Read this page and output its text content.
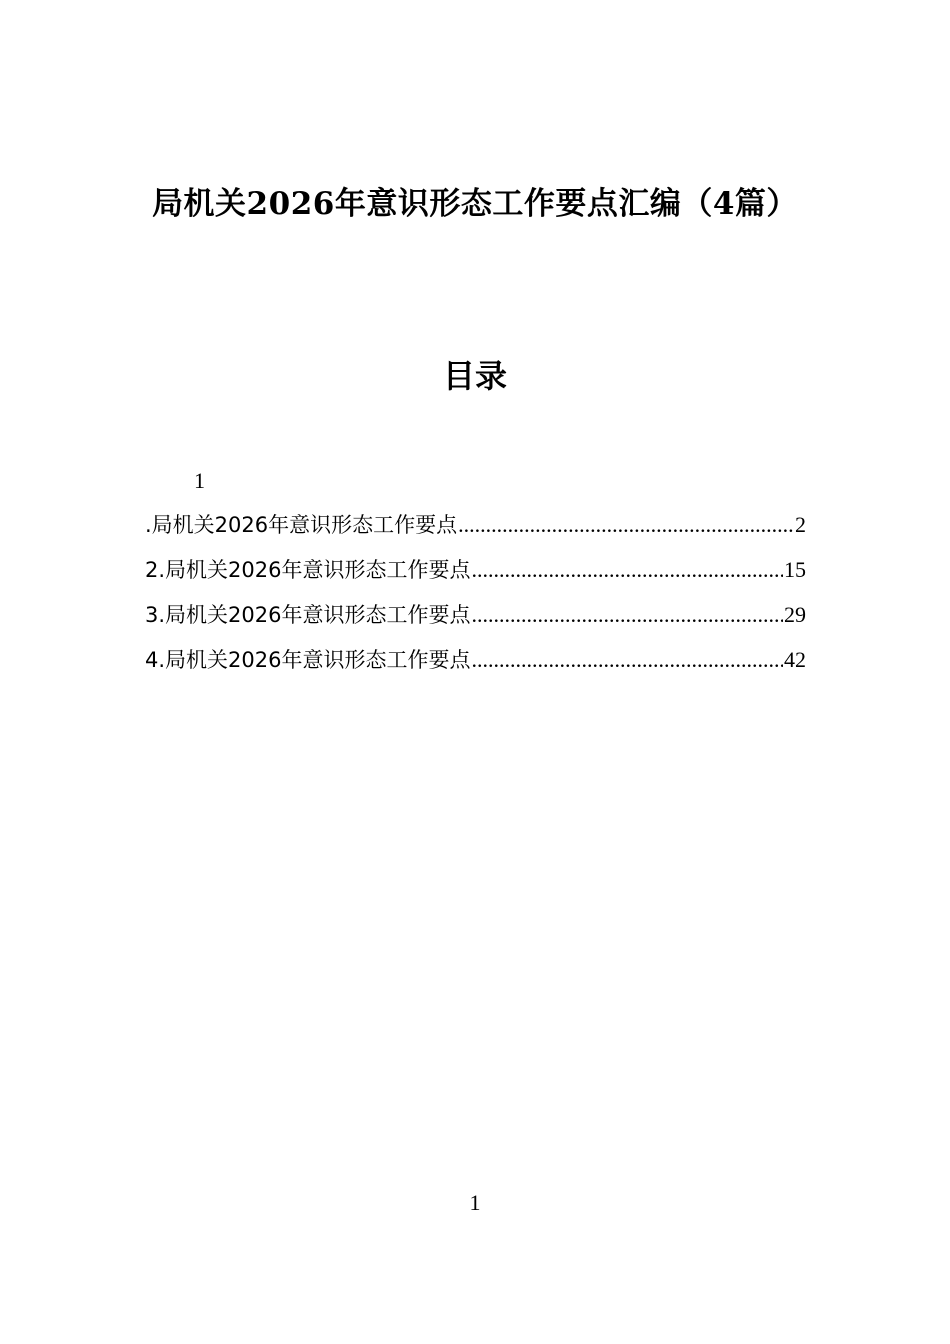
局机关2026年意识形态工作要点汇编（4篇）
目录
1
.局机关2026年意识形态工作要点 .....	2
2.局机关2026年意识形态工作要点 .....	15
3.局机关2026年意识形态工作要点 .....	29
4.局机关2026年意识形态工作要点 .....	42
1
